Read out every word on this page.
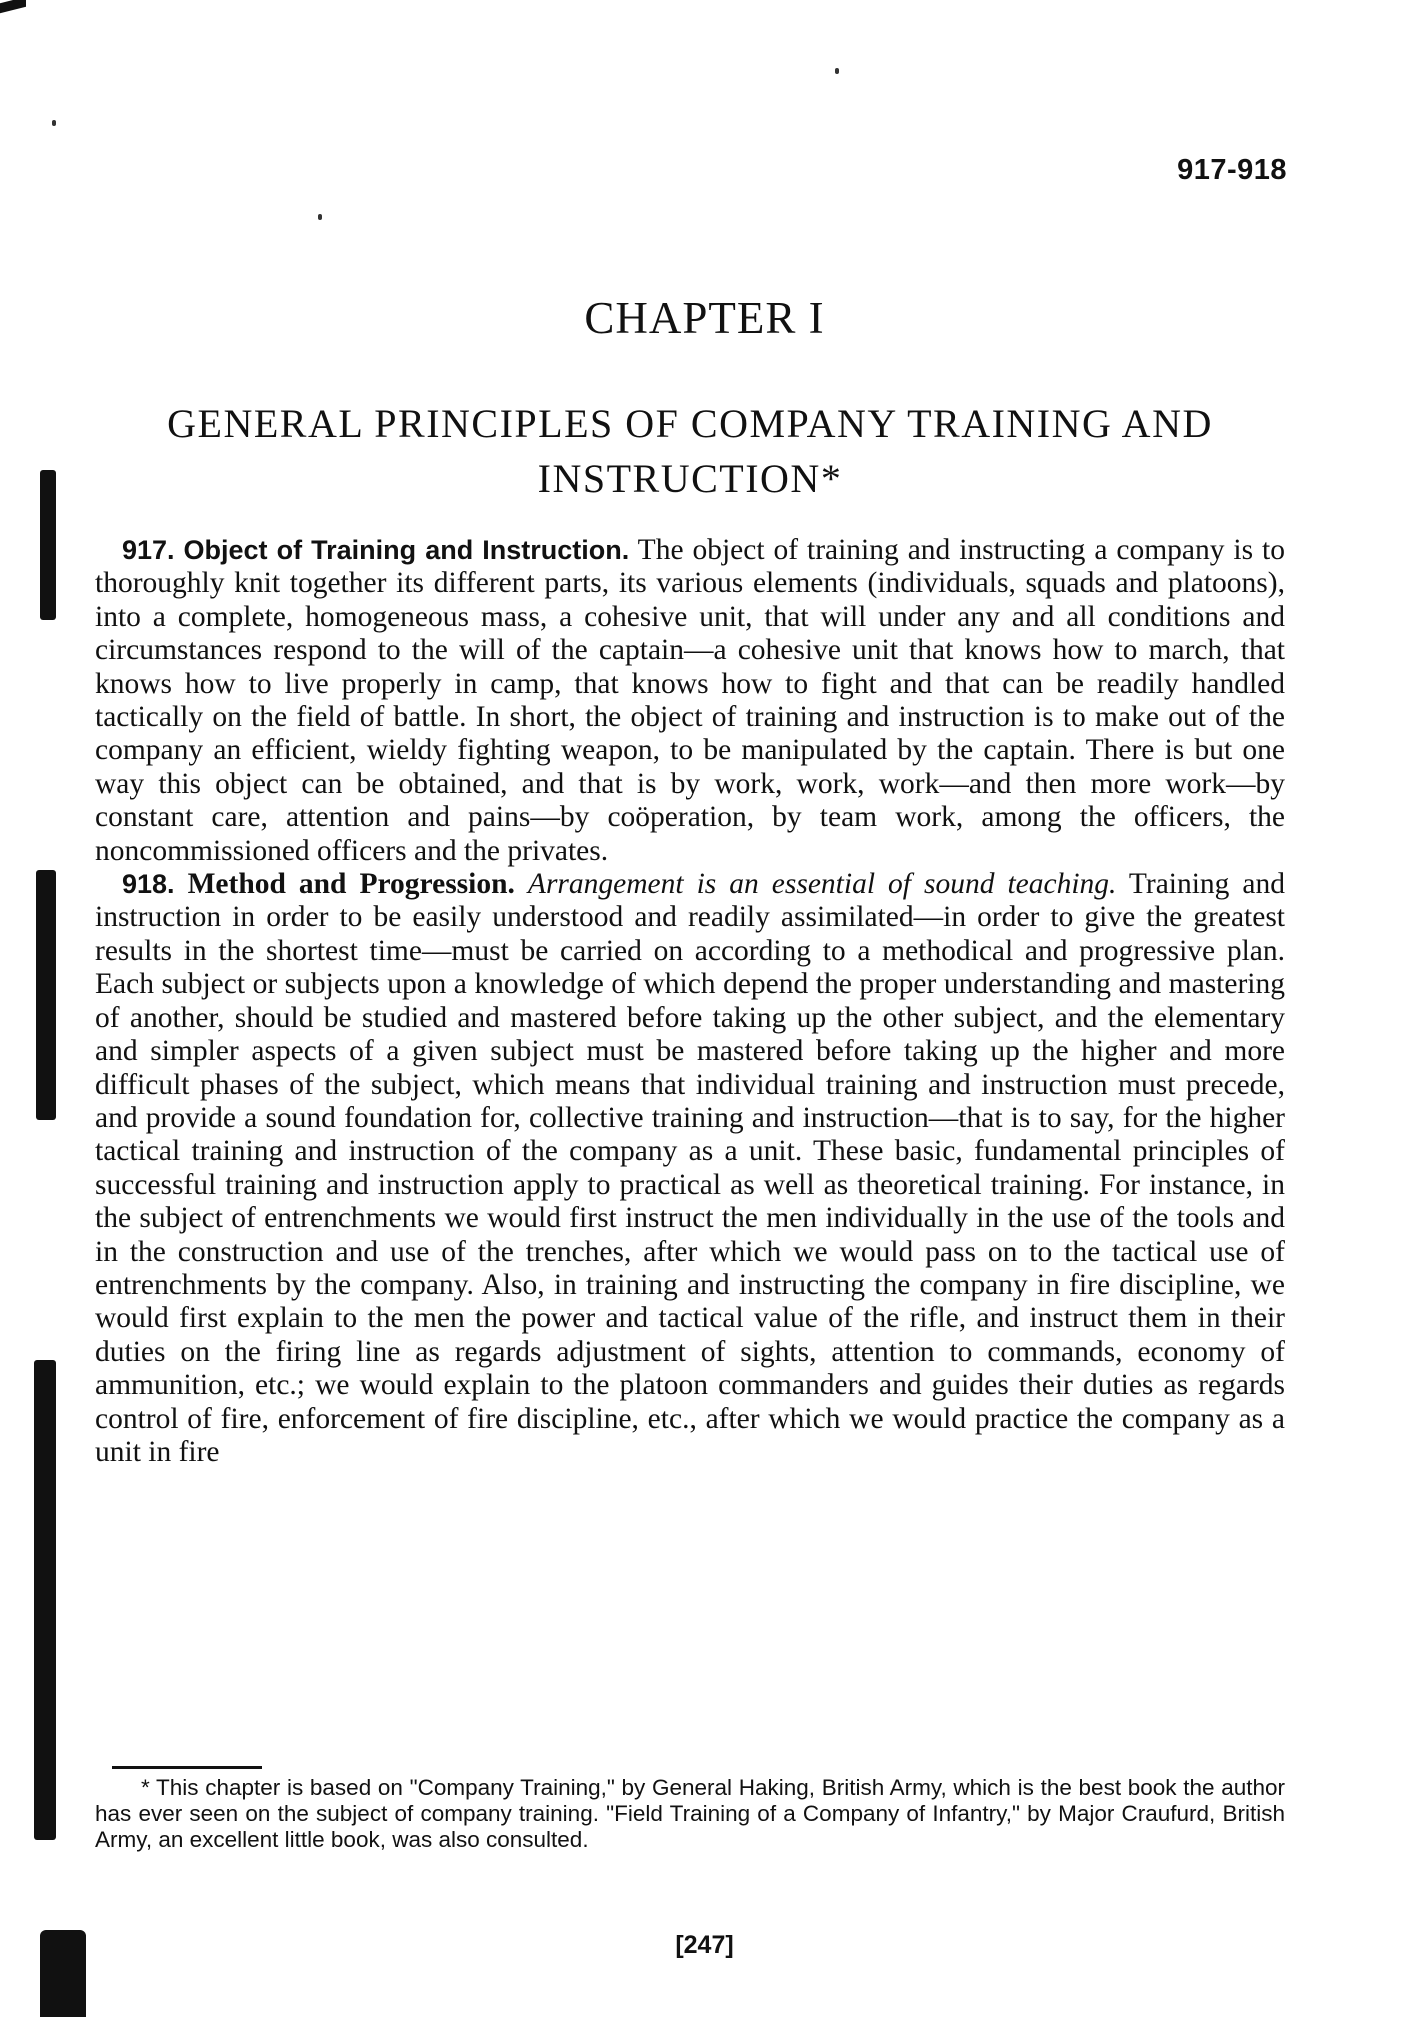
917-918
CHAPTER I
GENERAL PRINCIPLES OF COMPANY TRAINING AND INSTRUCTION*

917. Object of Training and Instruction. The object of training and instructing a company is to thoroughly knit together its different parts, its various elements (individuals, squads and platoons), into a complete, homogeneous mass, a cohesive unit, that will under any and all conditions and circumstances respond to the will of the captain—a cohesive unit that knows how to march, that knows how to live properly in camp, that knows how to fight and that can be readily handled tactically on the field of battle. In short, the object of training and instruction is to make out of the company an efficient, wieldy fighting weapon, to be manipulated by the captain. There is but one way this object can be obtained, and that is by work, work, work—and then more work—by constant care, attention and pains—by coöperation, by team work, among the officers, the noncommissioned officers and the privates.

918. Method and Progression. Arrangement is an essential of sound teaching. Training and instruction in order to be easily understood and readily assimilated—in order to give the greatest results in the shortest time—must be carried on according to a methodical and progressive plan. Each subject or subjects upon a knowledge of which depend the proper understanding and mastering of another, should be studied and mastered before taking up the other subject, and the elementary and simpler aspects of a given subject must be mastered before taking up the higher and more difficult phases of the subject, which means that individual training and instruction must precede, and provide a sound foundation for, collective training and instruction—that is to say, for the higher tactical training and instruction of the company as a unit. These basic, fundamental principles of successful training and instruction apply to practical as well as theoretical training. For instance, in the subject of entrenchments we would first instruct the men individually in the use of the tools and in the construction and use of the trenches, after which we would pass on to the tactical use of entrenchments by the company. Also, in training and instructing the company in fire discipline, we would first explain to the men the power and tactical value of the rifle, and instruct them in their duties on the firing line as regards adjustment of sights, attention to commands, economy of ammunition, etc.; we would explain to the platoon commanders and guides their duties as regards control of fire, enforcement of fire discipline, etc., after which we would practice the company as a unit in fire

* This chapter is based on "Company Training," by General Haking, British Army, which is the best book the author has ever seen on the subject of company training. "Field Training of a Company of Infantry," by Major Craufurd, British Army, an excellent little book, was also consulted.
[247]
